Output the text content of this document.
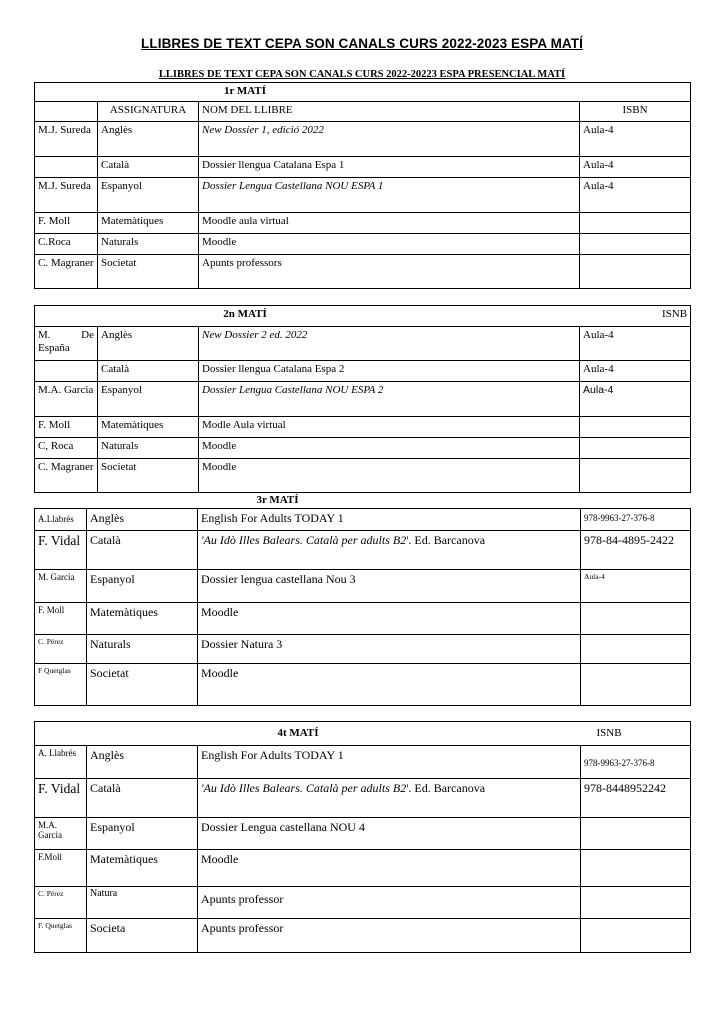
LLIBRES DE TEXT CEPA SON CANALS CURS 2022-2023 ESPA MATÍ
LLIBRES DE TEXT CEPA SON CANALS CURS 2022-20223 ESPA PRESENCIAL MATÍ
1r MATÍ			

	ASSIGNATURA	NOM DEL LLIBRE	ISBN
M.J. Sureda	Anglès	New Dossier 1, edició 2022	Aula-4
	Català	Dossier llengua Catalana Espa 1	Aula-4
M.J. Sureda	Espanyol	Dossier Lengua Castellana NOU ESPA 1	Aula-4
F. Moll	Matemàtiques	Moodle aula virtual	
C.Roca	Naturals	Moodle	
C. Magraner	Societat	Apunts professors	
2n MATÍ			ISNB
M. De España	Anglès	New Dossier 2 ed. 2022	Aula-4
	Català	Dossier llengua Catalana Espa 2	Aula-4
M.A. Garcia	Espanyol	Dossier Lengua Castellana NOU ESPA 2	Aula-4
F. Moll	Matemàtiques	Modle Aula virtual	
C, Roca	Naturals	Moodle	
C. Magraner	Societat	Moodle	
3r MATÍ
A.Llabrés	Anglès	English For Adults TODAY 1	978-9963-27-376-8
F. Vidal	Català	'Au Idò Illes Balears. Català per adults B2'. Ed. Barcanova	978-84-4895-2422
M. Garcia	Espanyol	Dossier lengua castellana Nou 3	Aula-4
F. Moll	Matemàtiques	Moodle	
C. Pérez	Naturals	Dossier Natura 3	
F Quetglas	Societat	Moodle	
4t MATÍ			ISNB
A. Llabrés	Anglès	English For Adults TODAY 1	978-9963-27-376-8
F. Vidal	Català	'Au Idò Illes Balears. Català per adults B2'. Ed. Barcanova	978-8448952242
M.A. Garcia	Espanyol	Dossier Lengua castellana NOU 4	
F.Moll	Matemàtiques	Moodle	
C. Pérez	Natura	Apunts professor	
F. Quetglas	Societa	Apunts professor	
